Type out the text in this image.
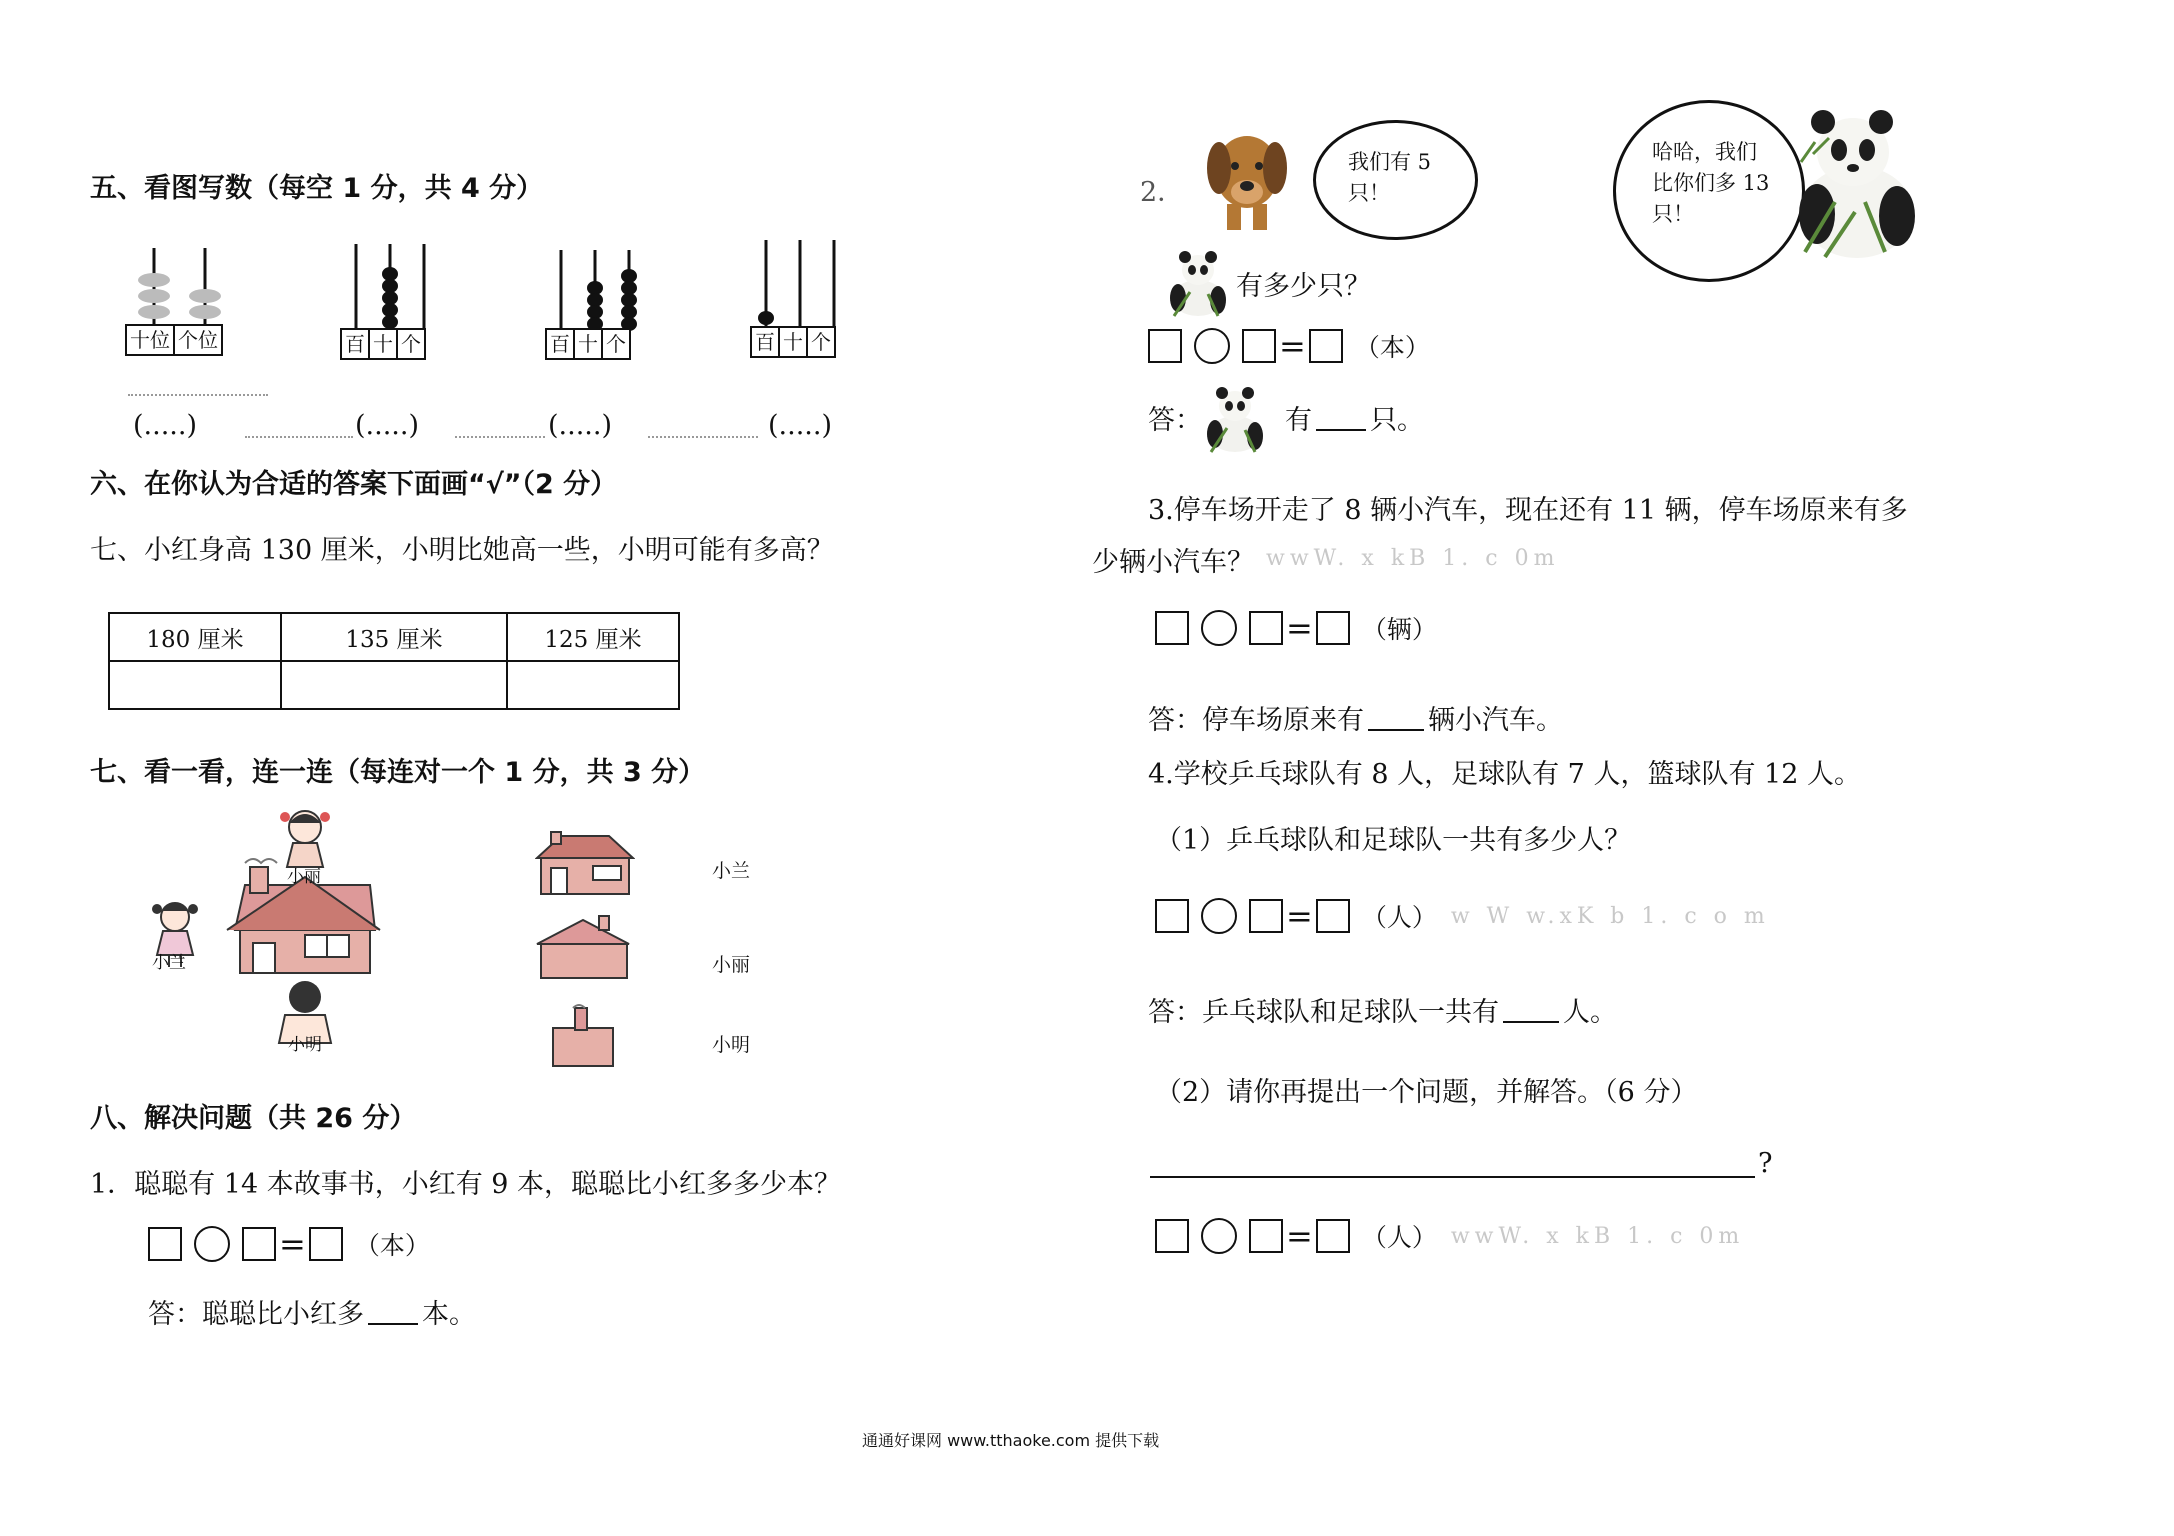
五、看图写数（每空 1 分，共 4 分）
十位 个位	百 十 个	百 十 个	百 十 个
(.....)	(.....)	(.....)	(.....)
六、在你认为合适的答案下面画“√”（2 分）
七、小红身高 130 厘米，小明比她高一些，小明可能有多高？
180 厘米	135 厘米	125 厘米

七、看一看，连一连（每连对一个 1 分，共 3 分）
小丽
小兰
小明
小兰
小丽
小明
八、解决问题（共 26 分）
1．聪聪有 14 本故事书，小红有 9 本，聪聪比小红多多少本？
= （本）
答：聪聪比小红多 本。
2．
我们有 5 只！
哈哈，我们比你们多 13 只！
有多少只？
= （本）
答：	有 只。
3.停车场开走了 8 辆小汽车，现在还有 11 辆，停车场原来有多
少辆小汽车？ wwW. x kB 1. c 0m
= （辆）
答：停车场原来有 辆小汽车。
4.学校乒乓球队有 8 人，足球队有 7 人，篮球队有 12 人。
（1）乒乓球队和足球队一共有多少人？
= （人） w W w.xK b 1. c o m
答：乒乓球队和足球队一共有 人。
（2）请你再提出一个问题，并解答。（6 分）
?
= （人） wwW. x kB 1. c 0m
通通好课网 www.tthaoke.com 提供下载
